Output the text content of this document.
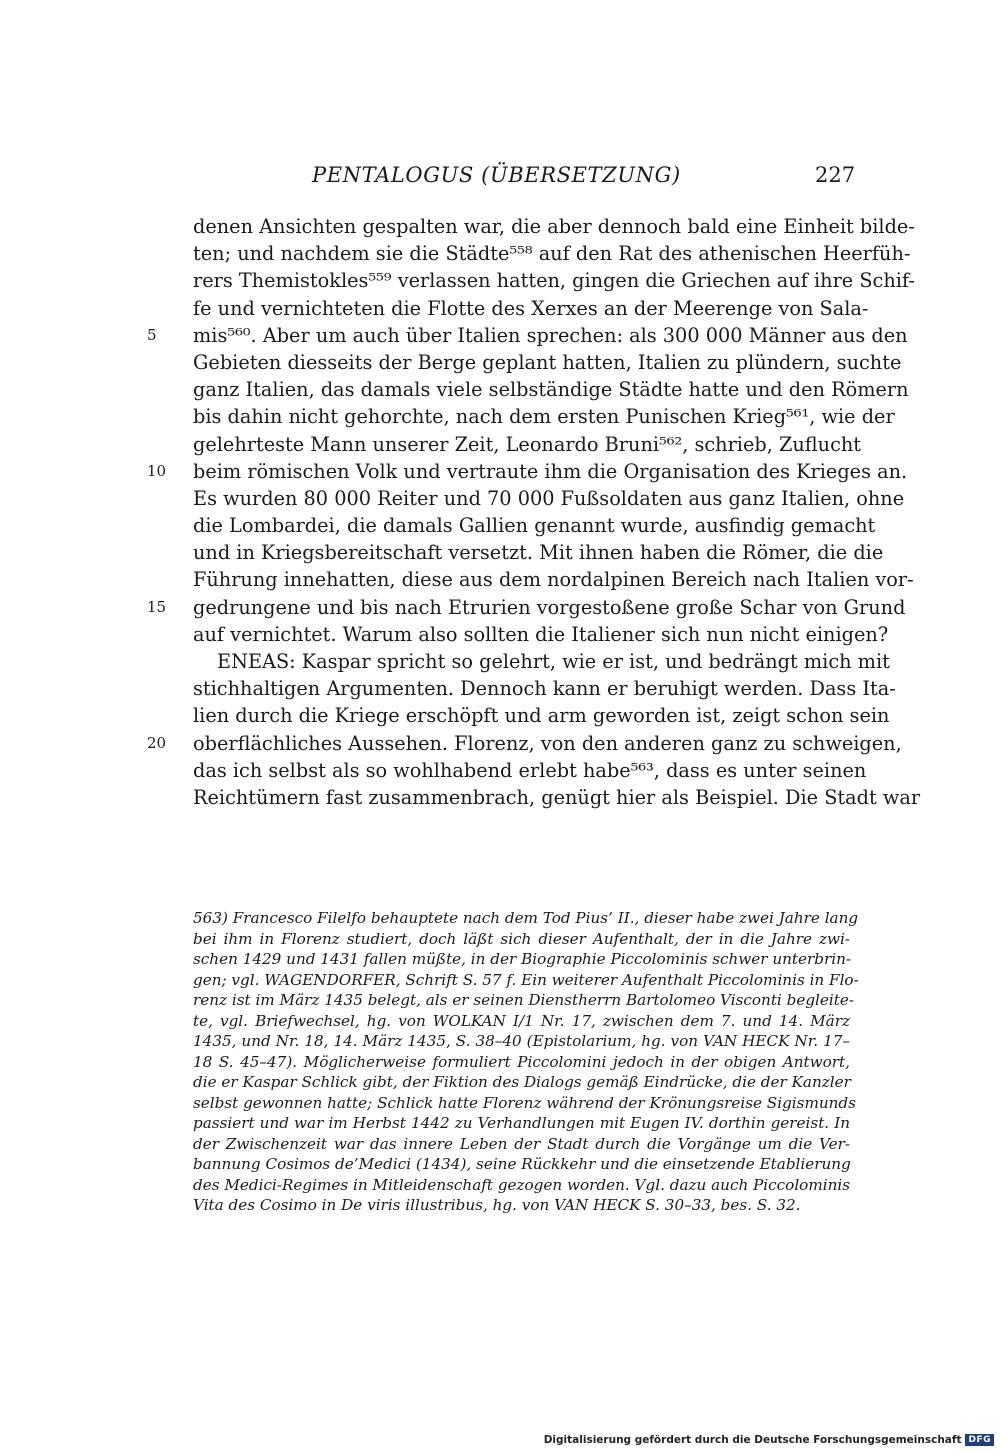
PENTALOGUS (ÜBERSETZUNG)	227
denen Ansichten gespalten war, die aber dennoch bald eine Einheit bilde-
ten; und nachdem sie die Städte⁵⁵⁸ auf den Rat des athenischen Heerfüh-
rers Themistokles⁵⁵⁹ verlassen hatten, gingen die Griechen auf ihre Schif-
fe und vernichteten die Flotte des Xerxes an der Meerenge von Sala-
mis⁵⁶⁰. Aber um auch über Italien sprechen: als 300 000 Männer aus den
5
Gebieten diesseits der Berge geplant hatten, Italien zu plündern, suchte
ganz Italien, das damals viele selbständige Städte hatte und den Römern
bis dahin nicht gehorchte, nach dem ersten Punischen Krieg⁵⁶¹, wie der
gelehrteste Mann unserer Zeit, Leonardo Bruni⁵⁶², schrieb, Zuflucht
beim römischen Volk und vertraute ihm die Organisation des Krieges an.
10
Es wurden 80 000 Reiter und 70 000 Fußsoldaten aus ganz Italien, ohne
die Lombardei, die damals Gallien genannt wurde, ausfindig gemacht
und in Kriegsbereitschaft versetzt. Mit ihnen haben die Römer, die die
Führung innehatten, diese aus dem nordalpinen Bereich nach Italien vor-
gedrungene und bis nach Etrurien vorgestoßene große Schar von Grund
15
auf vernichtet. Warum also sollten die Italiener sich nun nicht einigen?
ENEAS: Kaspar spricht so gelehrt, wie er ist, und bedrängt mich mit
stichhaltigen Argumenten. Dennoch kann er beruhigt werden. Dass Ita-
lien durch die Kriege erschöpft und arm geworden ist, zeigt schon sein
oberflächliches Aussehen. Florenz, von den anderen ganz zu schweigen,
20
das ich selbst als so wohlhabend erlebt habe⁵⁶³, dass es unter seinen
Reichtümern fast zusammenbrach, genügt hier als Beispiel. Die Stadt war
563) Francesco Filelfo behauptete nach dem Tod Pius’ II., dieser habe zwei Jahre lang
bei ihm in Florenz studiert, doch läßt sich dieser Aufenthalt, der in die Jahre zwi-
schen 1429 und 1431 fallen müßte, in der Biographie Piccolominis schwer unterbrin-
gen; vgl. WAGENDORFER, Schrift S. 57 f. Ein weiterer Aufenthalt Piccolominis in Flo-
renz ist im März 1435 belegt, als er seinen Dienstherrn Bartolomeo Visconti begleite-
te, vgl. Briefwechsel, hg. von WOLKAN I/1 Nr. 17, zwischen dem 7. und 14. März
1435, und Nr. 18, 14. März 1435, S. 38–40 (Epistolarium, hg. von VAN HECK Nr. 17–
18 S. 45–47). Möglicherweise formuliert Piccolomini jedoch in der obigen Antwort,
die er Kaspar Schlick gibt, der Fiktion des Dialogs gemäß Eindrücke, die der Kanzler
selbst gewonnen hatte; Schlick hatte Florenz während der Krönungsreise Sigismunds
passiert und war im Herbst 1442 zu Verhandlungen mit Eugen IV. dorthin gereist. In
der Zwischenzeit war das innere Leben der Stadt durch die Vorgänge um die Ver-
bannung Cosimos de’Medici (1434), seine Rückkehr und die einsetzende Etablierung
des Medici-Regimes in Mitleidenschaft gezogen worden. Vgl. dazu auch Piccolominis
Vita des Cosimo in De viris illustribus, hg. von VAN HECK S. 30–33, bes. S. 32.
Digitalisierung gefördert durch die Deutsche Forschungsgemeinschaft DFG
